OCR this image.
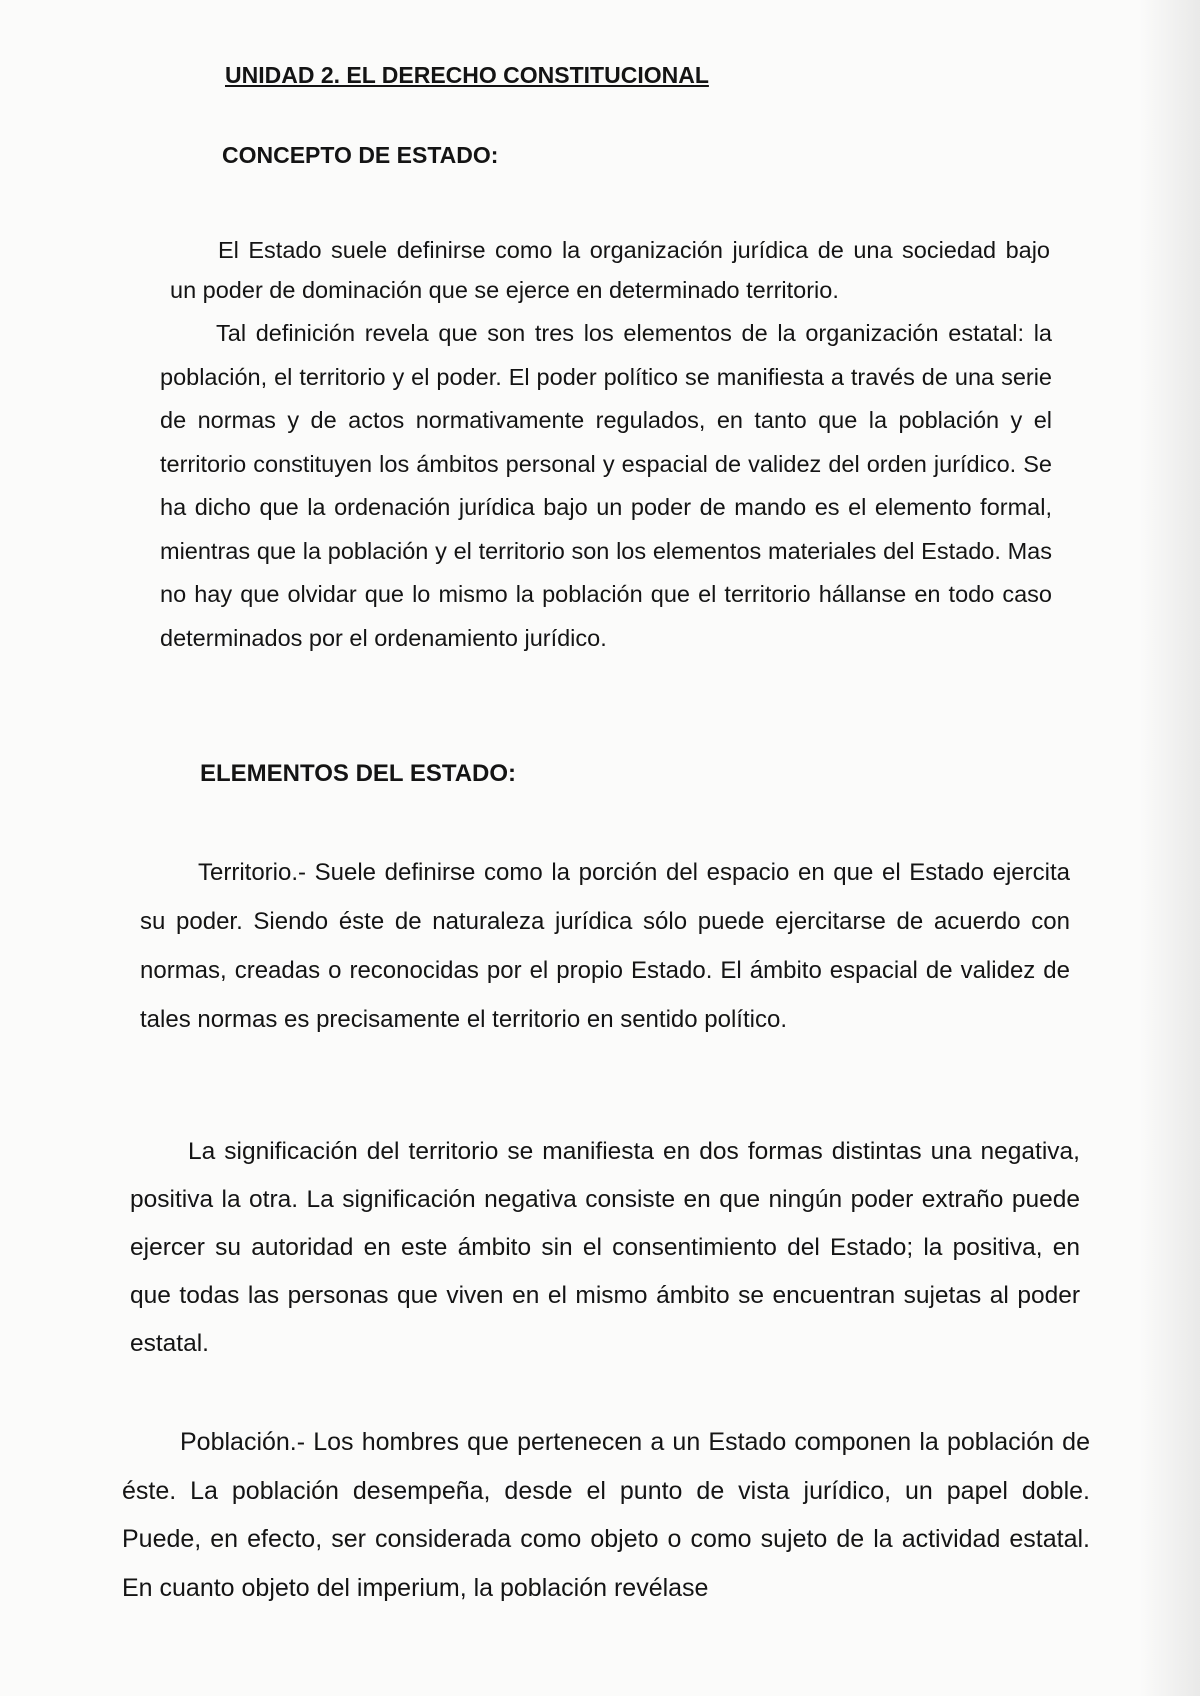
UNIDAD 2. EL DERECHO CONSTITUCIONAL
CONCEPTO DE ESTADO:

El Estado suele definirse como la organización jurídica de una sociedad bajo un poder de dominación que se ejerce en determinado territorio.

Tal definición revela que son tres los elementos de la organización estatal: la población, el territorio y el poder. El poder político se manifiesta a través de una serie de normas y de actos normativamente regulados, en tanto que la población y el territorio constituyen los ámbitos personal y espacial de validez del orden jurídico. Se ha dicho que la ordenación jurídica bajo un poder de mando es el elemento formal, mientras que la población y el territorio son los elementos materiales del Estado. Mas no hay que olvidar que lo mismo la población que el territorio hállanse en todo caso determinados por el ordenamiento jurídico.

ELEMENTOS DEL ESTADO:

Territorio.- Suele definirse como la porción del espacio en que el Estado ejercita su poder. Siendo éste de naturaleza jurídica sólo puede ejercitarse de acuerdo con normas, creadas o reconocidas por el propio Estado. El ámbito espacial de validez de tales normas es precisamente el territorio en sentido político.

La significación del territorio se manifiesta en dos formas distintas una negativa, positiva la otra. La significación negativa consiste en que ningún poder extraño puede ejercer su autoridad en este ámbito sin el consentimiento del Estado; la positiva, en que todas las personas que viven en el mismo ámbito se encuentran sujetas al poder estatal.

Población.- Los hombres que pertenecen a un Estado componen la población de éste. La población desempeña, desde el punto de vista jurídico, un papel doble. Puede, en efecto, ser considerada como objeto o como sujeto de la actividad estatal. En cuanto objeto del imperium, la población revélase
